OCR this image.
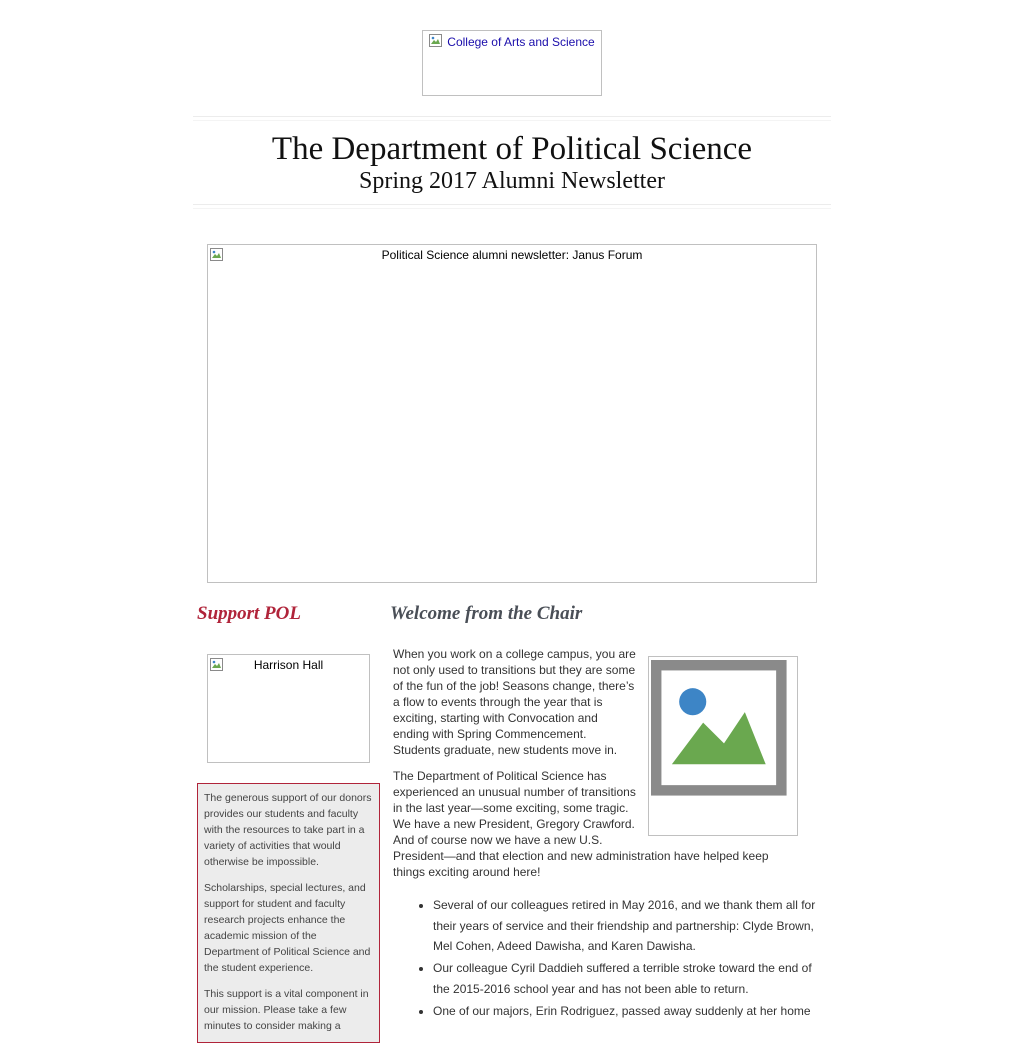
College of Arts and Science
The Department of Political Science
Spring 2017 Alumni Newsletter
Political Science alumni newsletter: Janus Forum
Support POL	Welcome from the Chair
Harrison Hall

The generous support of our donors provides our students and faculty with the resources to take part in a variety of activities that would otherwise be impossible.

Scholarships, special lectures, and support for student and faculty research projects enhance the academic mission of the Department of Political Science and the student experience.

This support is a vital component in our mission. Please take a few minutes to consider making a

When you work on a college campus, you are not only used to transitions but they are some of the fun of the job! Seasons change, there’s a flow to events through the year that is exciting, starting with Convocation and ending with Spring Commencement. Students graduate, new students move in.

The Department of Political Science has experienced an unusual number of transitions in the last year—some exciting, some tragic. We have a new President, Gregory Crawford. And of course now we have a new U.S. President—and that election and new administration have helped keep things exciting around here!

• Several of our colleagues retired in May 2016, and we thank them all for their years of service and their friendship and partnership: Clyde Brown, Mel Cohen, Adeed Dawisha, and Karen Dawisha.
• Our colleague Cyril Daddieh suffered a terrible stroke toward the end of the 2015-2016 school year and has not been able to return.
• One of our majors, Erin Rodriguez, passed away suddenly at her home
